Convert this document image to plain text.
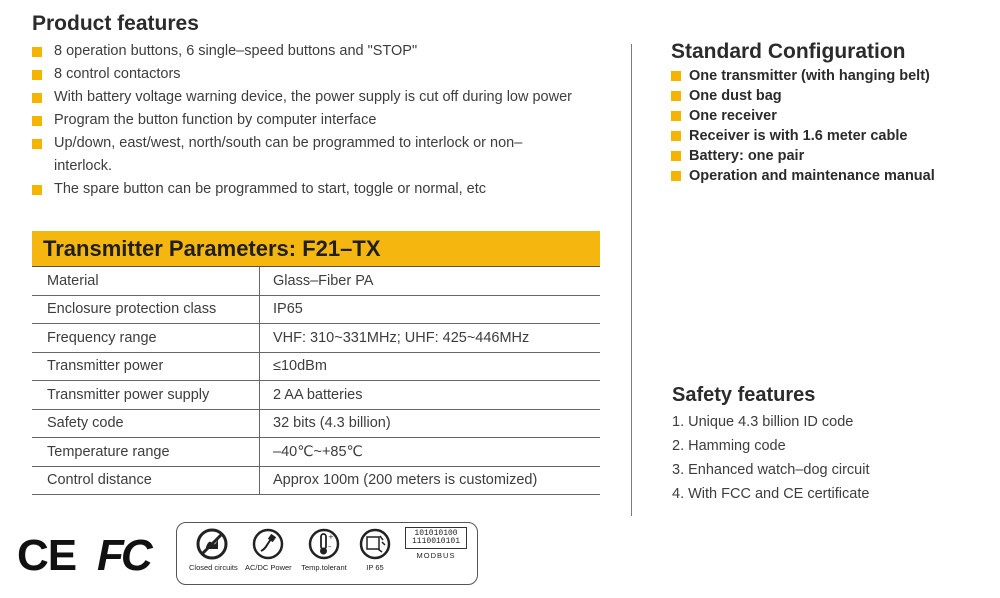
Product features
8 operation buttons, 6 single–speed buttons and "STOP"
8 control contactors
With battery voltage warning device, the power supply is cut off during low power
Program the button function by computer interface
Up/down, east/west, north/south can be programmed to interlock or non–interlock.
The spare button can be programmed to start, toggle or normal, etc
Transmitter Parameters: F21–TX
Material	Glass–Fiber PA
Enclosure protection class	IP65
Frequency range	VHF: 310~331MHz; UHF: 425~446MHz
Transmitter power	≤10dBm
Transmitter power supply	2 AA batteries
Safety code	32 bits (4.3 billion)
Temperature range	–40℃~+85℃
Control distance	Approx 100m (200 meters is customized)
Standard Configuration
One transmitter (with hanging belt)
One dust bag
One receiver
Receiver is with 1.6 meter cable
Battery: one pair
Operation and maintenance manual
Safety features
1. Unique 4.3 billion ID code
2. Hamming code
3. Enhanced watch–dog circuit
4. With FCC and CE certificate
CE FC	Closed circuits AC/DC Power
+
–
Temp.tolerant	IP 65
101010100
1110010101
MODBUS
